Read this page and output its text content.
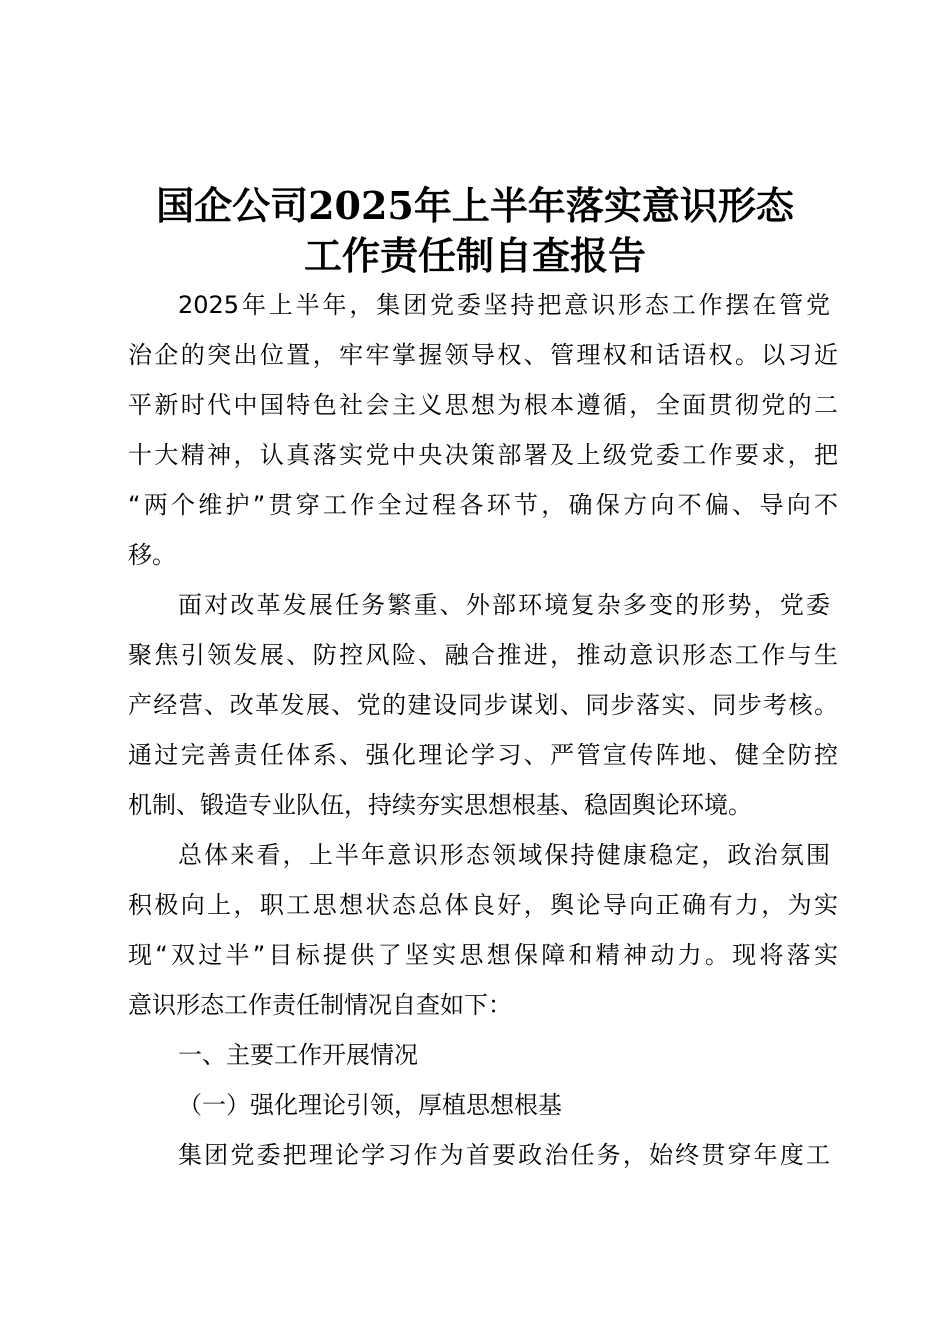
国企公司2025年上半年落实意识形态
工作责任制自查报告
2025年上半年，集团党委坚持把意识形态工作摆在管党
治企的突出位置，牢牢掌握领导权、管理权和话语权。以习近
平新时代中国特色社会主义思想为根本遵循，全面贯彻党的二
十大精神，认真落实党中央决策部署及上级党委工作要求，把
“两个维护”贯穿工作全过程各环节，确保方向不偏、导向不
移。
面对改革发展任务繁重、外部环境复杂多变的形势，党委
聚焦引领发展、防控风险、融合推进，推动意识形态工作与生
产经营、改革发展、党的建设同步谋划、同步落实、同步考核。
通过完善责任体系、强化理论学习、严管宣传阵地、健全防控
机制、锻造专业队伍，持续夯实思想根基、稳固舆论环境。
总体来看，上半年意识形态领域保持健康稳定，政治氛围
积极向上，职工思想状态总体良好，舆论导向正确有力，为实
现“双过半”目标提供了坚实思想保障和精神动力。现将落实
意识形态工作责任制情况自查如下：
一、主要工作开展情况
（一）强化理论引领，厚植思想根基
集团党委把理论学习作为首要政治任务，始终贯穿年度工
